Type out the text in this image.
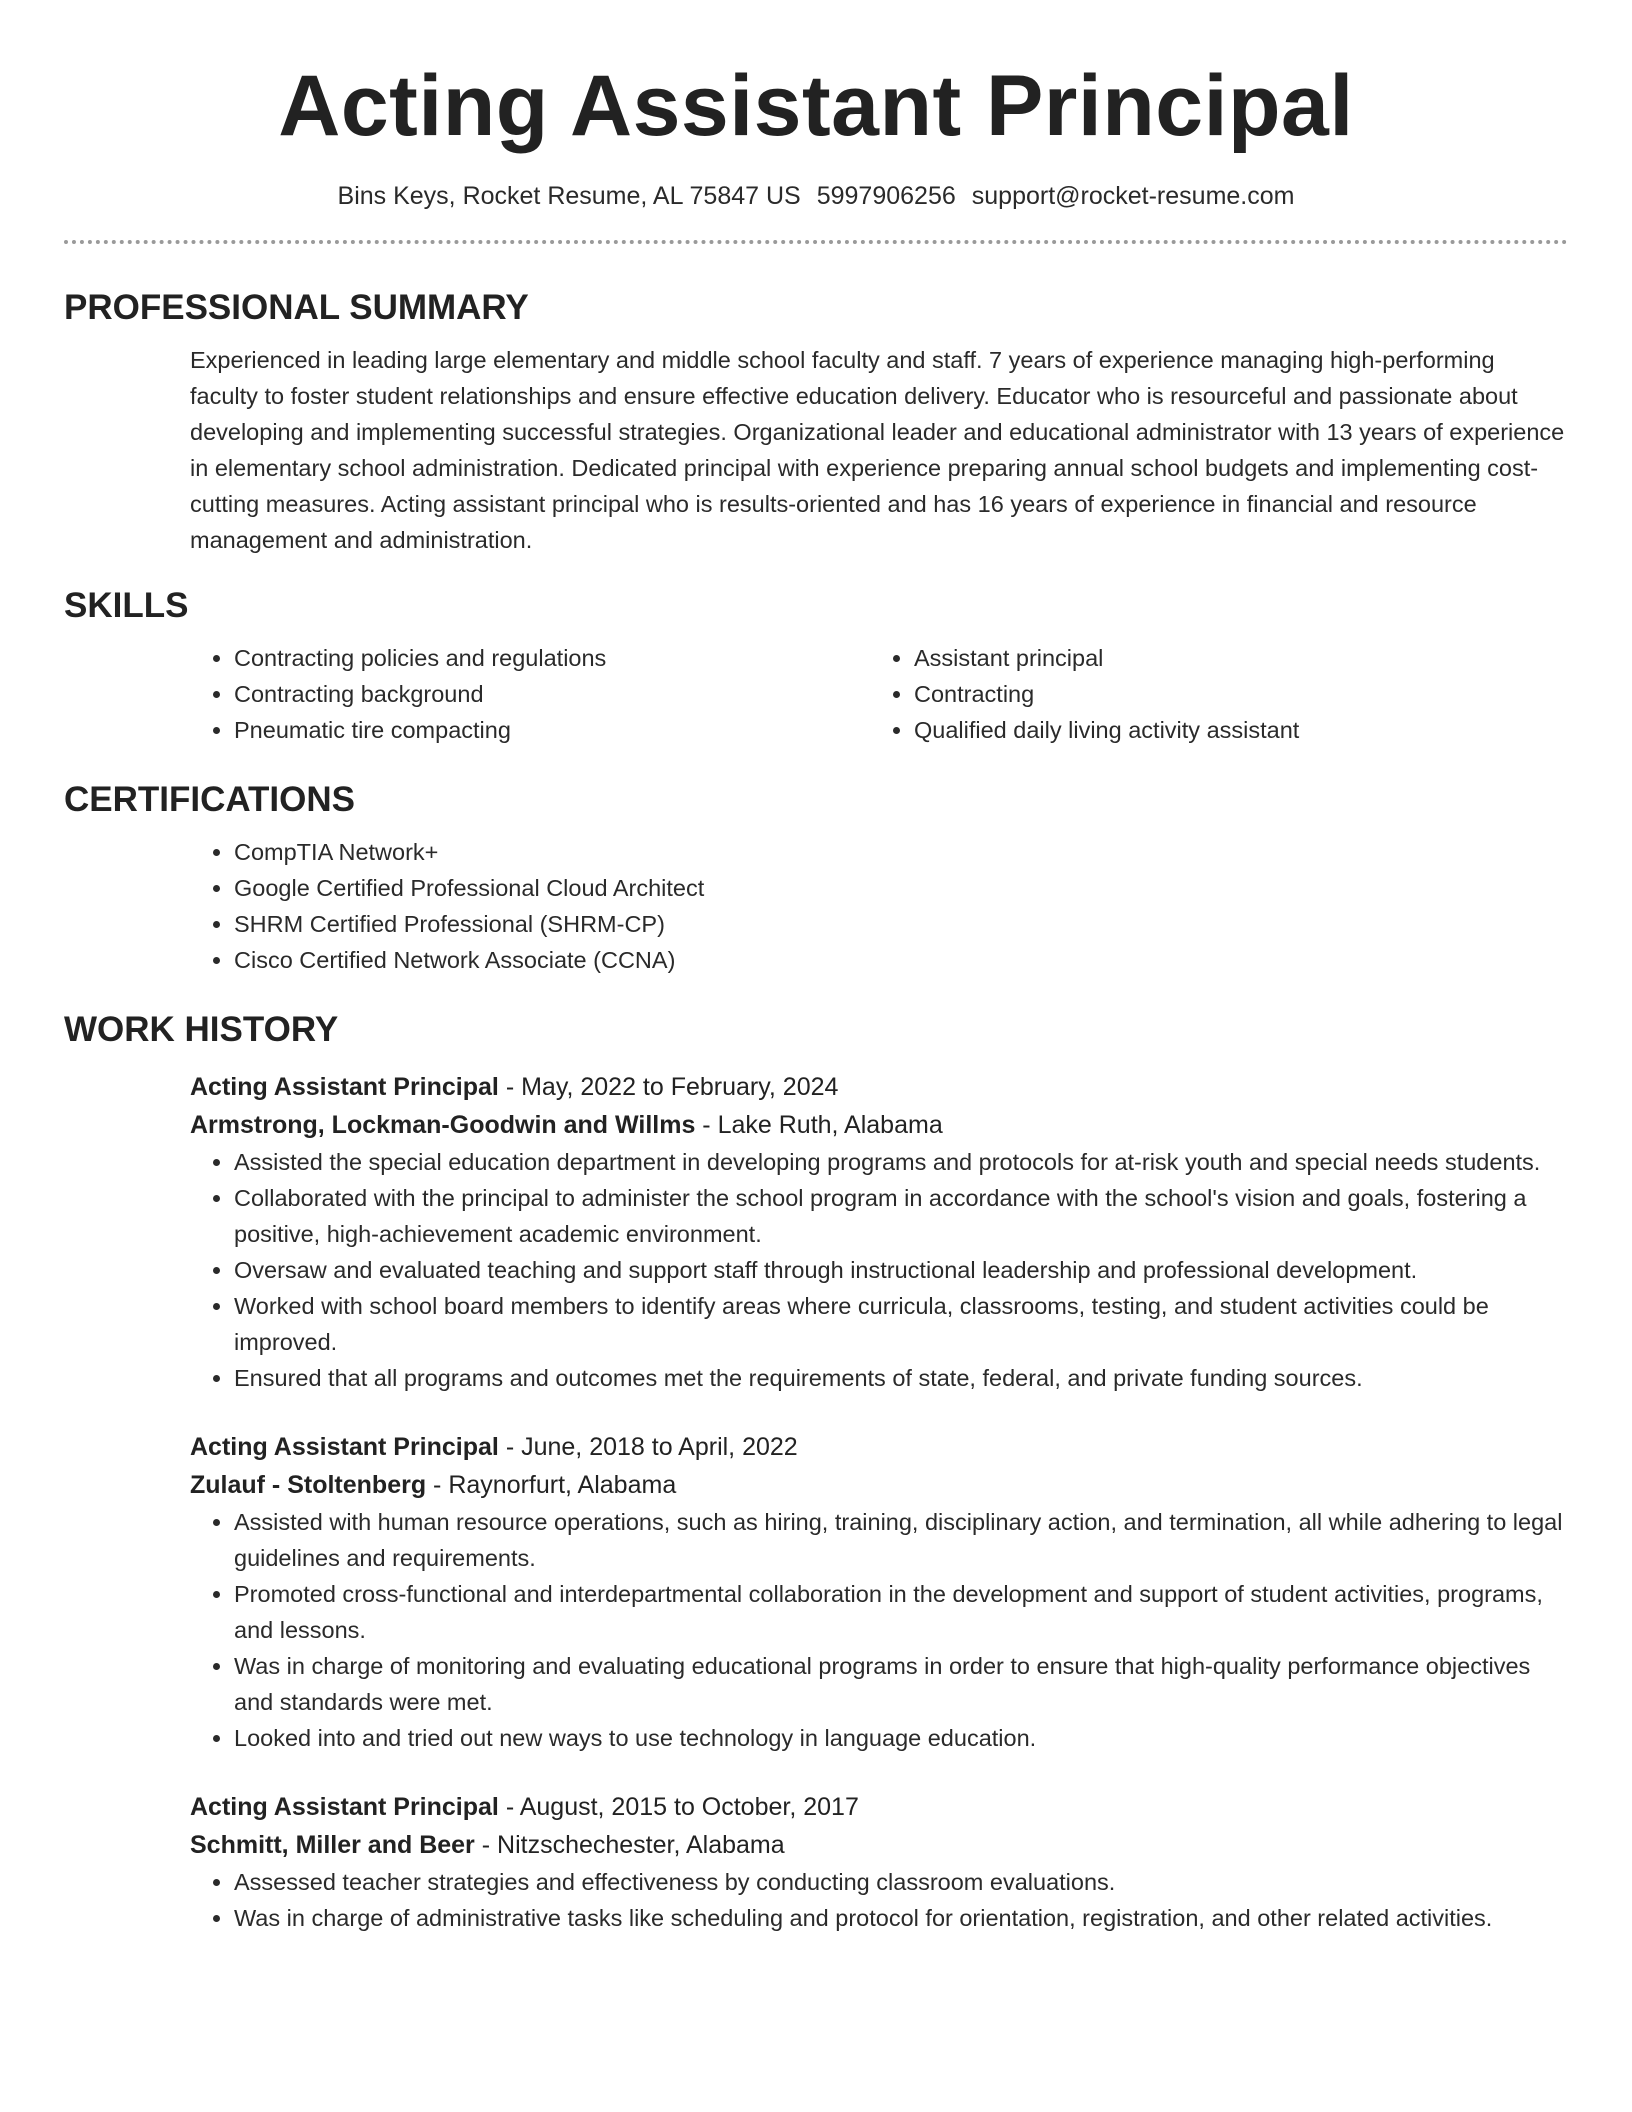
Acting Assistant Principal
Bins Keys, Rocket Resume, AL 75847 US 5997906256 support@rocket-resume.com
PROFESSIONAL SUMMARY

Experienced in leading large elementary and middle school faculty and staff. 7 years of experience managing high-performing faculty to foster student relationships and ensure effective education delivery. Educator who is resourceful and passionate about developing and implementing successful strategies. Organizational leader and educational administrator with 13 years of experience in elementary school administration. Dedicated principal with experience preparing annual school budgets and implementing cost-cutting measures. Acting assistant principal who is results-oriented and has 16 years of experience in financial and resource management and administration.

SKILLS
• Contracting policies and regulations
• Contracting background
• Pneumatic tire compacting
• Assistant principal
• Contracting
• Qualified daily living activity assistant
CERTIFICATIONS
• CompTIA Network+
• Google Certified Professional Cloud Architect
• SHRM Certified Professional (SHRM-CP)
• Cisco Certified Network Associate (CCNA)
WORK HISTORY
Acting Assistant Principal - May, 2022 to February, 2024
Armstrong, Lockman-Goodwin and Willms - Lake Ruth, Alabama
• Assisted the special education department in developing programs and protocols for at-risk youth and special needs students.
• Collaborated with the principal to administer the school program in accordance with the school's vision and goals, fostering a positive, high-achievement academic environment.
• Oversaw and evaluated teaching and support staff through instructional leadership and professional development.
• Worked with school board members to identify areas where curricula, classrooms, testing, and student activities could be improved.
• Ensured that all programs and outcomes met the requirements of state, federal, and private funding sources.
Acting Assistant Principal - June, 2018 to April, 2022
Zulauf - Stoltenberg - Raynorfurt, Alabama
• Assisted with human resource operations, such as hiring, training, disciplinary action, and termination, all while adhering to legal guidelines and requirements.
• Promoted cross-functional and interdepartmental collaboration in the development and support of student activities, programs, and lessons.
• Was in charge of monitoring and evaluating educational programs in order to ensure that high-quality performance objectives and standards were met.
• Looked into and tried out new ways to use technology in language education.
Acting Assistant Principal - August, 2015 to October, 2017
Schmitt, Miller and Beer - Nitzschechester, Alabama
• Assessed teacher strategies and effectiveness by conducting classroom evaluations.
• Was in charge of administrative tasks like scheduling and protocol for orientation, registration, and other related activities.
